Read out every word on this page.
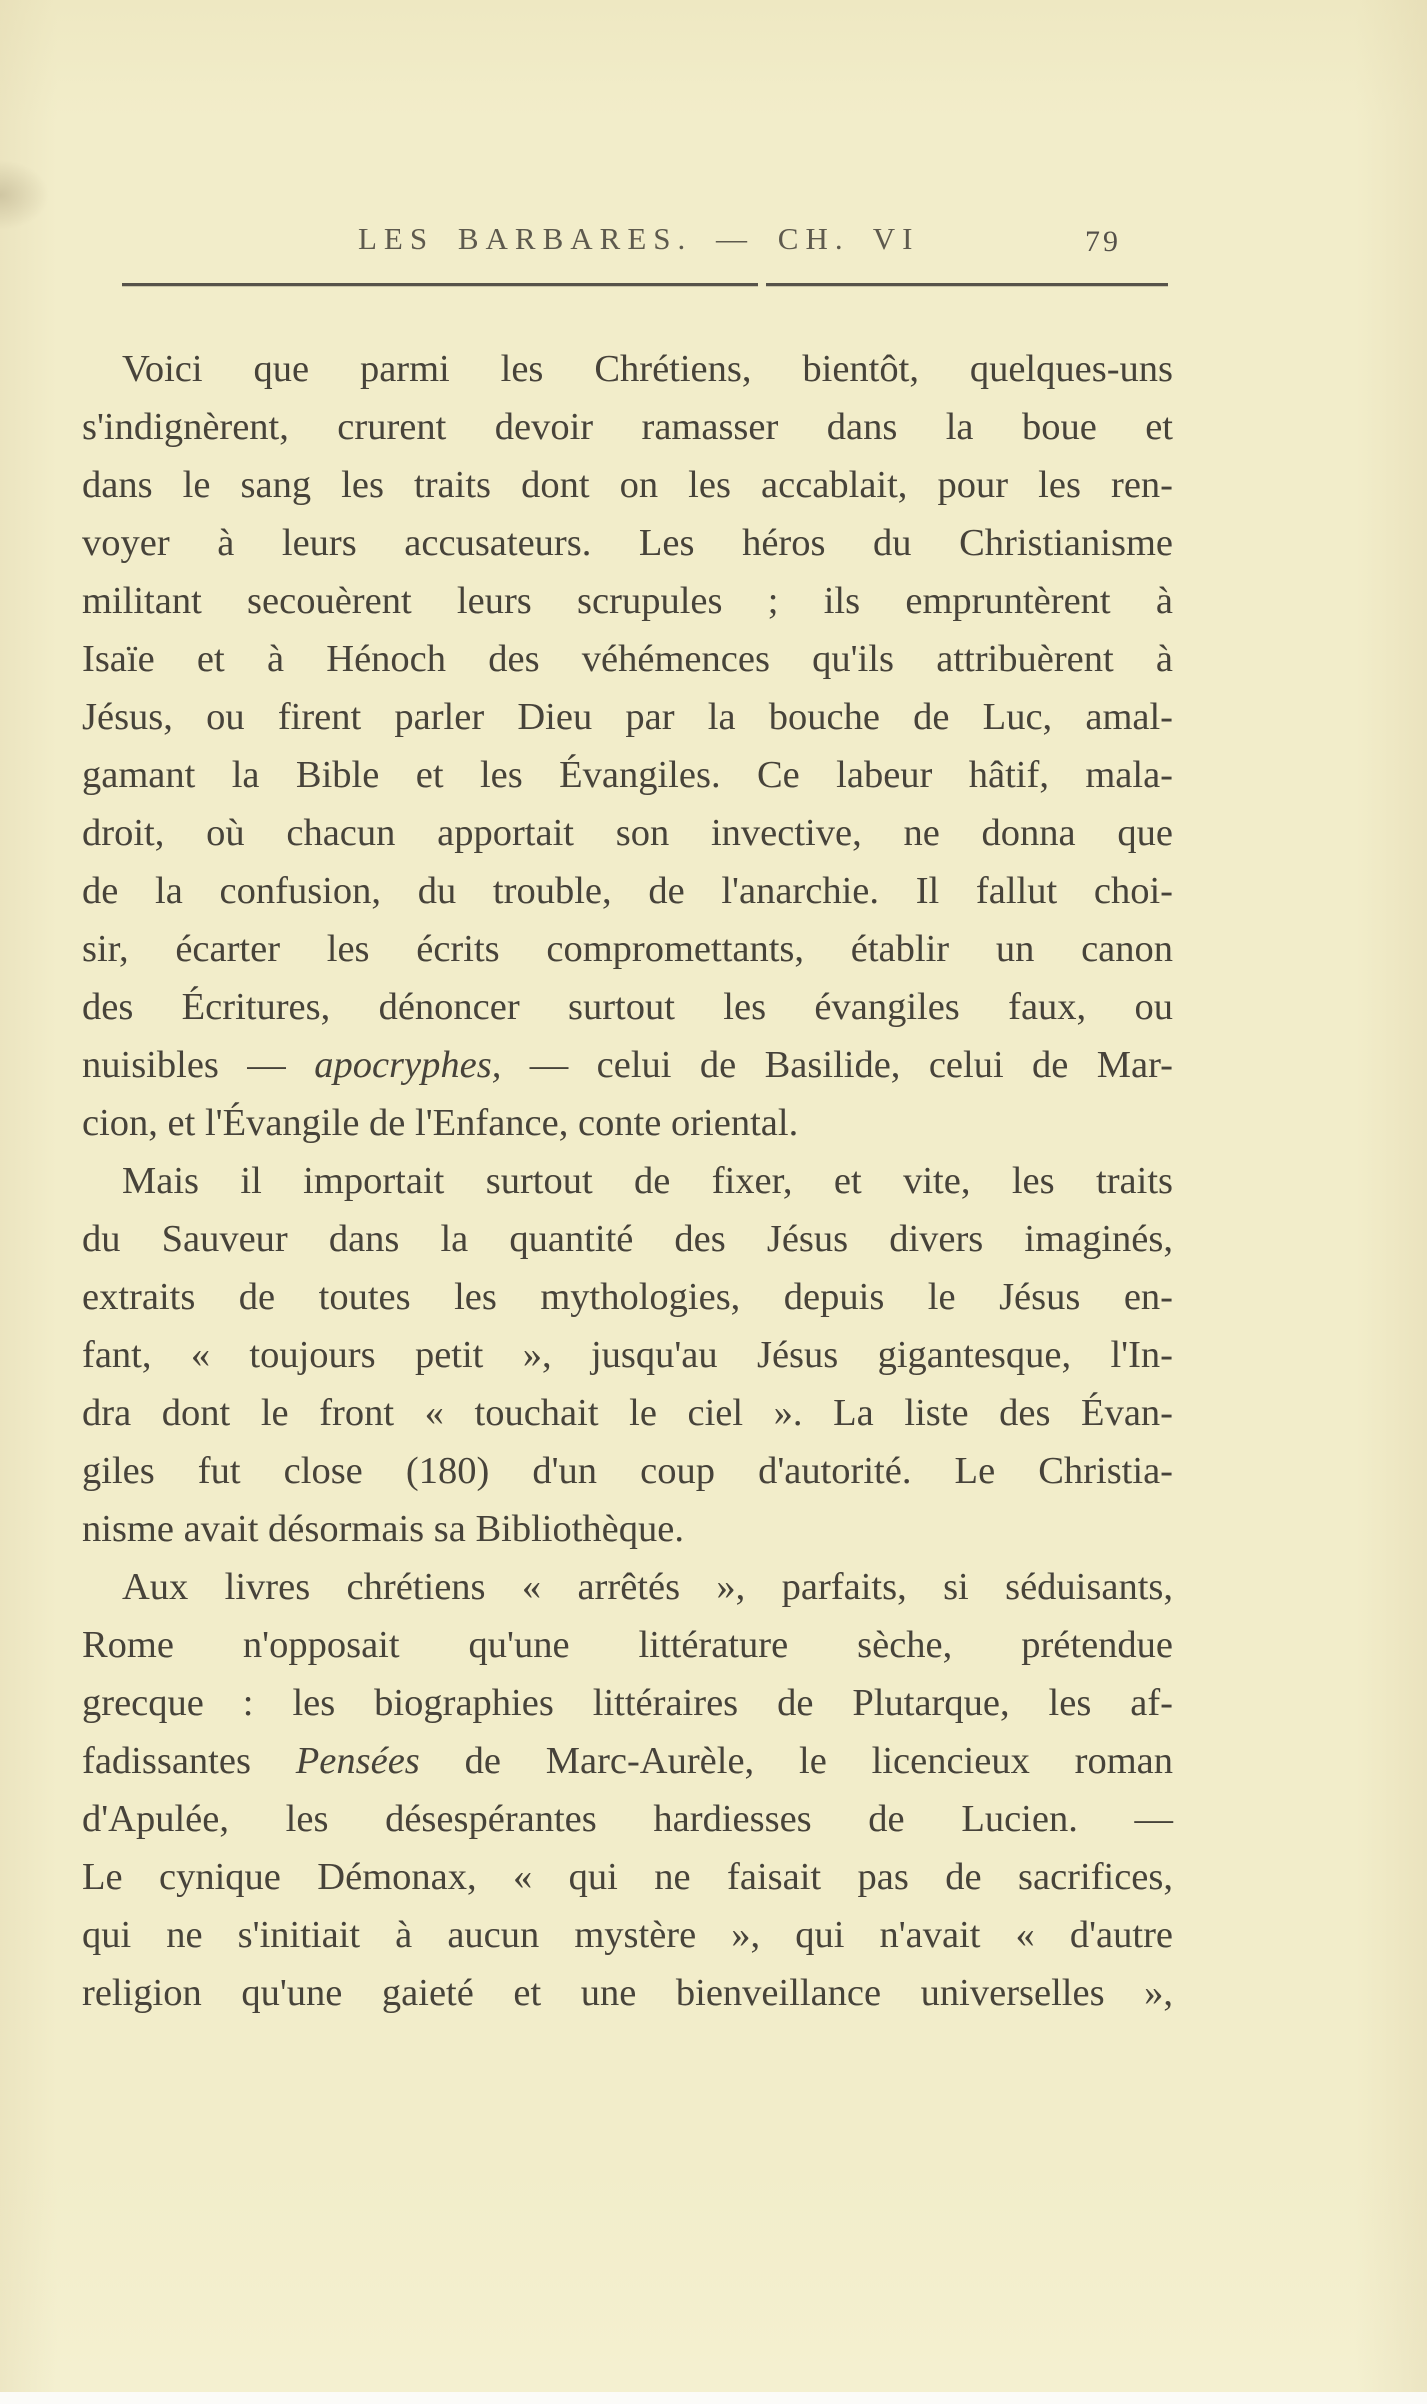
LES BARBARES. — CH. VI	79
Voici que parmi les Chrétiens, bientôt, quelques-uns
s'indignèrent, crurent devoir ramasser dans la boue et
dans le sang les traits dont on les accablait, pour les ren-
voyer à leurs accusateurs. Les héros du Christianisme
militant secouèrent leurs scrupules ; ils empruntèrent à
Isaïe et à Hénoch des véhémences qu'ils attribuèrent à
Jésus, ou firent parler Dieu par la bouche de Luc, amal-
gamant la Bible et les Évangiles. Ce labeur hâtif, mala-
droit, où chacun apportait son invective, ne donna que
de la confusion, du trouble, de l'anarchie. Il fallut choi-
sir, écarter les écrits compromettants, établir un canon
des Écritures, dénoncer surtout les évangiles faux, ou
nuisibles — apocryphes, — celui de Basilide, celui de Mar-
cion, et l'Évangile de l'Enfance, conte oriental.
Mais il importait surtout de fixer, et vite, les traits
du Sauveur dans la quantité des Jésus divers imaginés,
extraits de toutes les mythologies, depuis le Jésus en-
fant, « toujours petit », jusqu'au Jésus gigantesque, l'In-
dra dont le front « touchait le ciel ». La liste des Évan-
giles fut close (180) d'un coup d'autorité. Le Christia-
nisme avait désormais sa Bibliothèque.
Aux livres chrétiens « arrêtés », parfaits, si séduisants,
Rome n'opposait qu'une littérature sèche, prétendue
grecque : les biographies littéraires de Plutarque, les af-
fadissantes Pensées de Marc-Aurèle, le licencieux roman
d'Apulée, les désespérantes hardiesses de Lucien. —
Le cynique Démonax, « qui ne faisait pas de sacrifices,
qui ne s'initiait à aucun mystère », qui n'avait « d'autre
religion qu'une gaieté et une bienveillance universelles »,
